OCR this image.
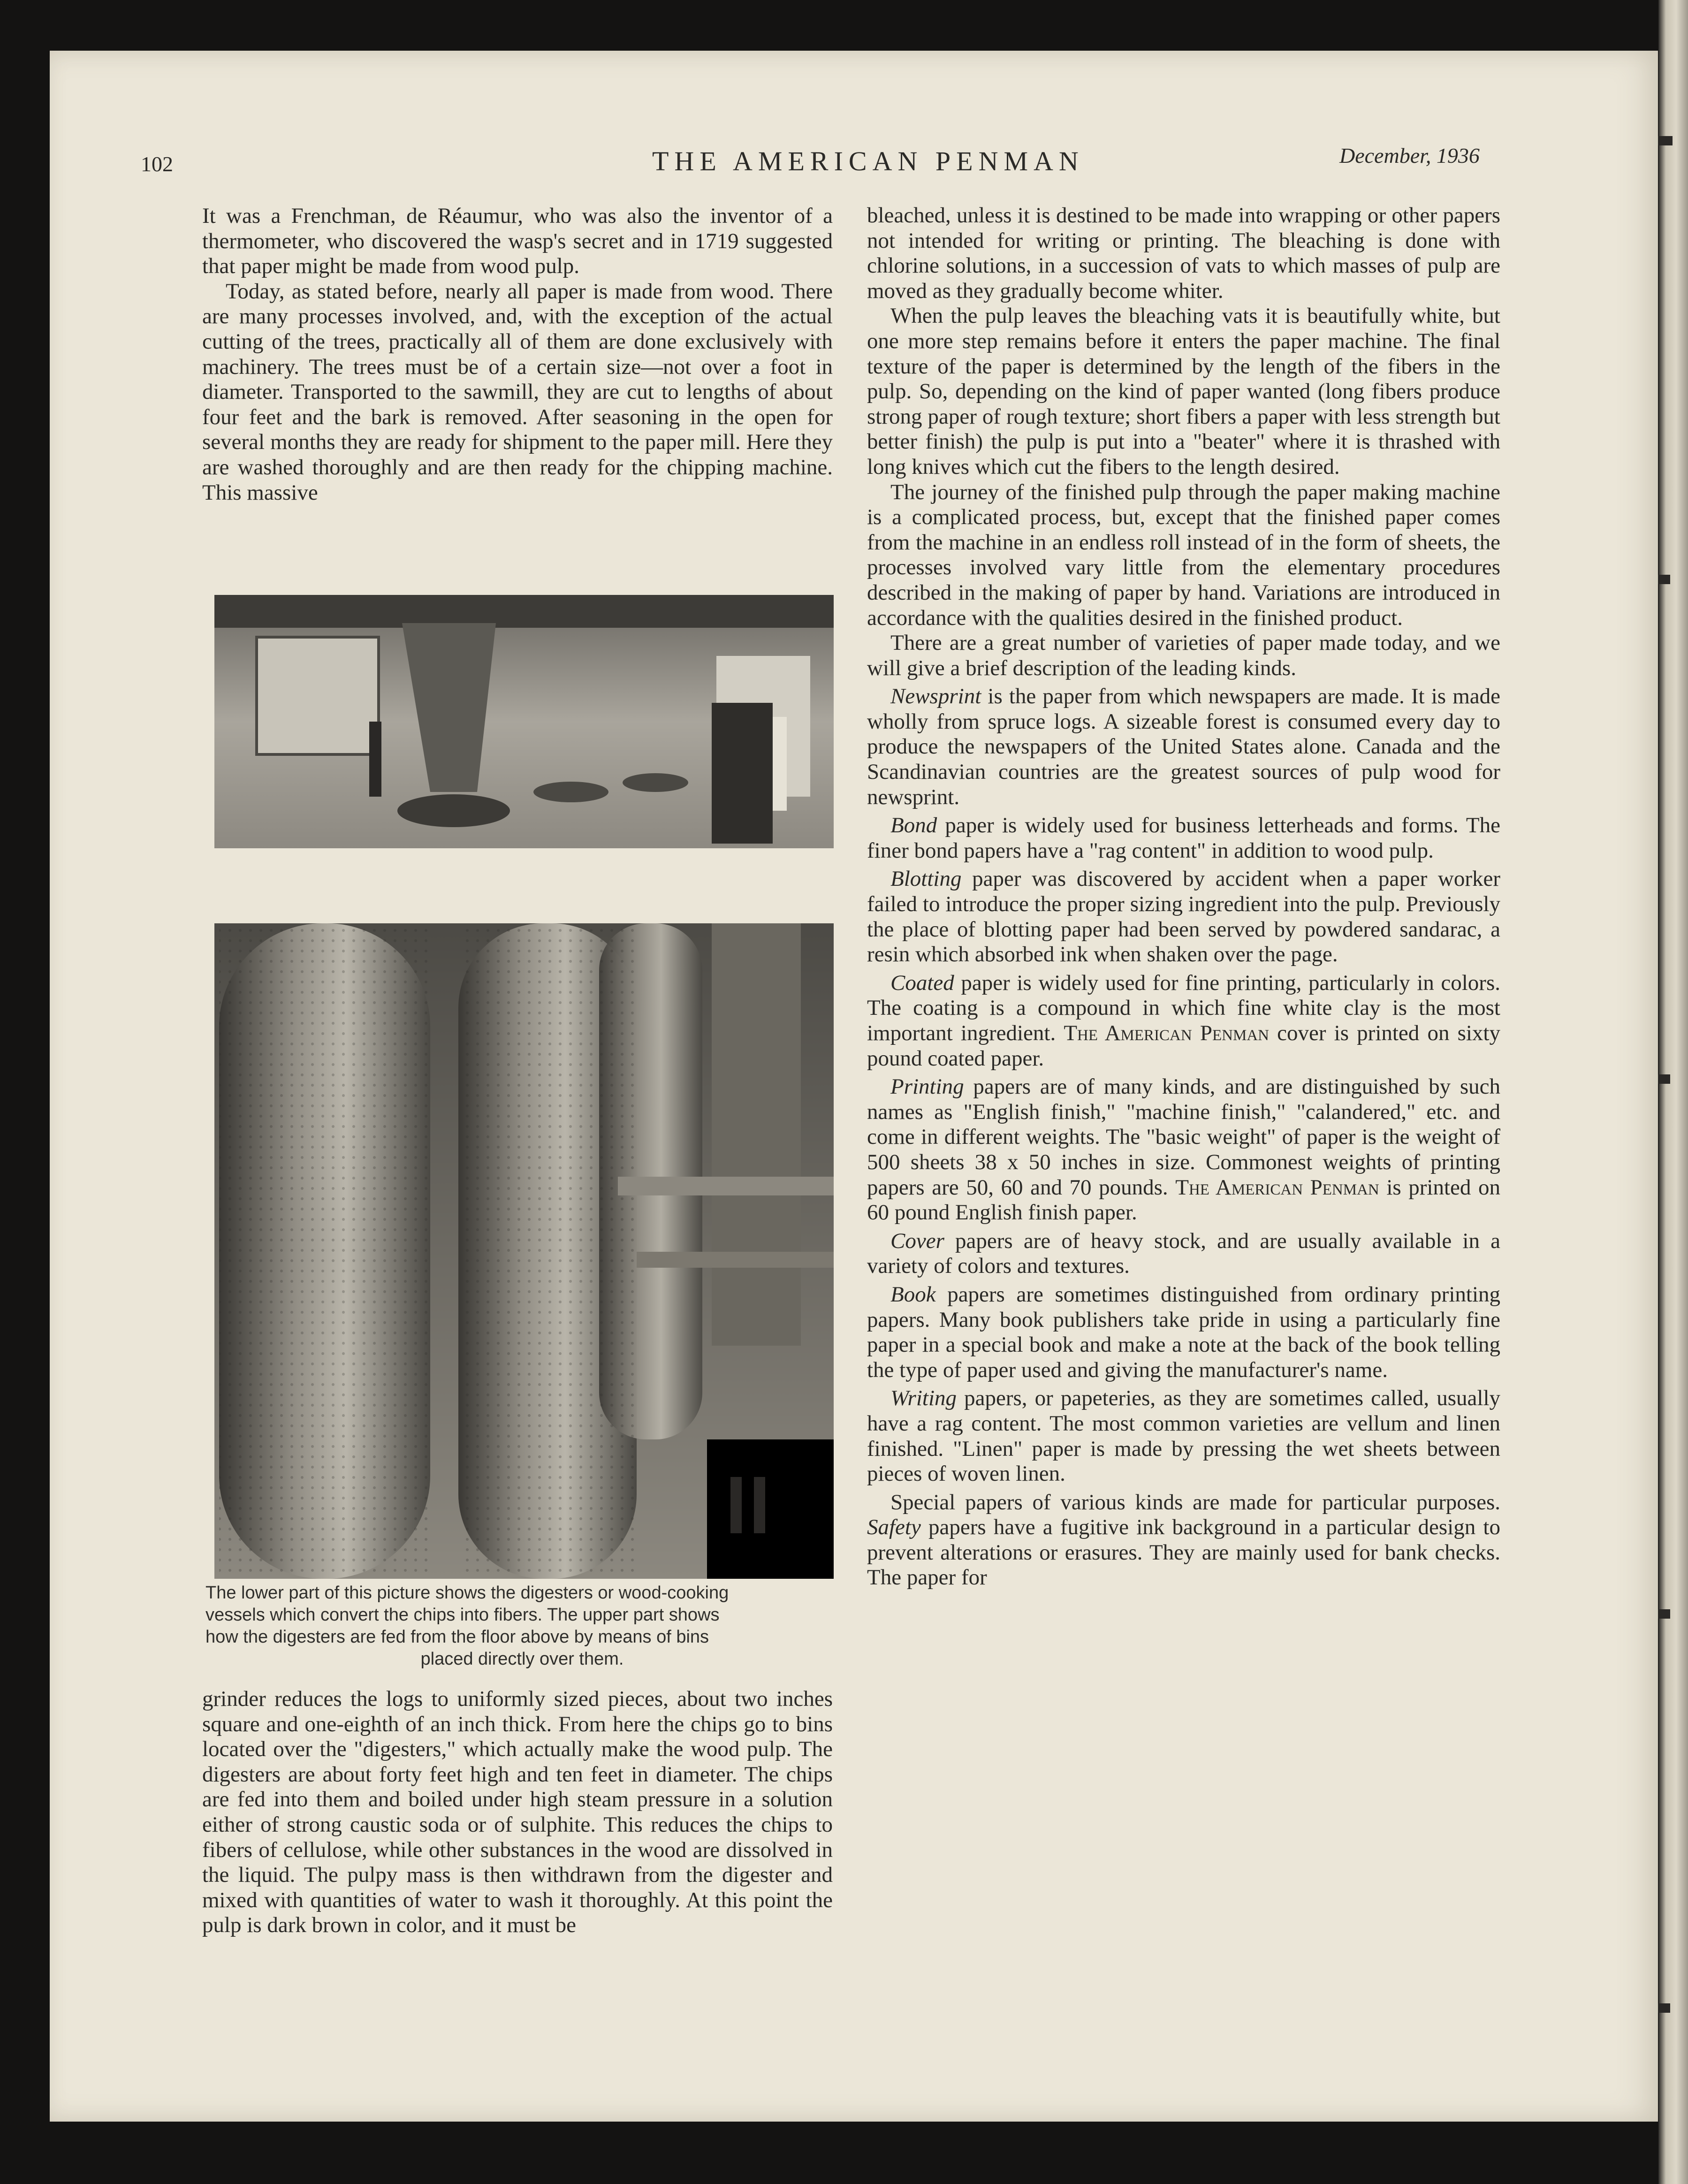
102	THE AMERICAN PENMAN	December, 1936

It was a Frenchman, de Réaumur, who was also the inventor of a thermometer, who discovered the wasp's secret and in 1719 suggested that paper might be made from wood pulp.

Today, as stated before, nearly all paper is made from wood. There are many processes involved, and, with the exception of the actual cutting of the trees, practically all of them are done exclusively with machinery. The trees must be of a certain size—not over a foot in diameter. Transported to the sawmill, they are cut to lengths of about four feet and the bark is removed. After seasoning in the open for several months they are ready for shipment to the paper mill. Here they are washed thoroughly and are then ready for the chipping machine. This massive

The lower part of this picture shows the digesters or wood-cooking
vessels which convert the chips into fibers. The upper part shows
how the digesters are fed from the floor above by means of bins
placed directly over them.

grinder reduces the logs to uniformly sized pieces, about two inches square and one-eighth of an inch thick. From here the chips go to bins located over the "digesters," which actually make the wood pulp. The digesters are about forty feet high and ten feet in diameter. The chips are fed into them and boiled under high steam pressure in a solution either of strong caustic soda or of sulphite. This reduces the chips to fibers of cellulose, while other substances in the wood are dissolved in the liquid. The pulpy mass is then withdrawn from the digester and mixed with quantities of water to wash it thoroughly. At this point the pulp is dark brown in color, and it must be

bleached, unless it is destined to be made into wrapping or other papers not intended for writing or printing. The bleaching is done with chlorine solutions, in a succession of vats to which masses of pulp are moved as they gradually become whiter.

When the pulp leaves the bleaching vats it is beautifully white, but one more step remains before it enters the paper machine. The final texture of the paper is determined by the length of the fibers in the pulp. So, depending on the kind of paper wanted (long fibers produce strong paper of rough texture; short fibers a paper with less strength but better finish) the pulp is put into a "beater" where it is thrashed with long knives which cut the fibers to the length desired.

The journey of the finished pulp through the paper making machine is a complicated process, but, except that the finished paper comes from the machine in an endless roll instead of in the form of sheets, the processes involved vary little from the elementary procedures described in the making of paper by hand. Variations are introduced in accordance with the qualities desired in the finished product.

There are a great number of varieties of paper made today, and we will give a brief description of the leading kinds.

Newsprint is the paper from which newspapers are made. It is made wholly from spruce logs. A sizeable forest is consumed every day to produce the newspapers of the United States alone. Canada and the Scandinavian countries are the greatest sources of pulp wood for newsprint.

Bond paper is widely used for business letterheads and forms. The finer bond papers have a "rag content" in addition to wood pulp.

Blotting paper was discovered by accident when a paper worker failed to introduce the proper sizing ingredient into the pulp. Previously the place of blotting paper had been served by powdered sandarac, a resin which absorbed ink when shaken over the page.

Coated paper is widely used for fine printing, particularly in colors. The coating is a compound in which fine white clay is the most important ingredient. The American Penman cover is printed on sixty pound coated paper.

Printing papers are of many kinds, and are distinguished by such names as "English finish," "machine finish," "calandered," etc. and come in different weights. The "basic weight" of paper is the weight of 500 sheets 38 x 50 inches in size. Commonest weights of printing papers are 50, 60 and 70 pounds. The American Penman is printed on 60 pound English finish paper.

Cover papers are of heavy stock, and are usually available in a variety of colors and textures.

Book papers are sometimes distinguished from ordinary printing papers. Many book publishers take pride in using a particularly fine paper in a special book and make a note at the back of the book telling the type of paper used and giving the manufacturer's name.

Writing papers, or papeteries, as they are sometimes called, usually have a rag content. The most common varieties are vellum and linen finished. "Linen" paper is made by pressing the wet sheets between pieces of woven linen.

Special papers of various kinds are made for particular purposes. Safety papers have a fugitive ink background in a particular design to prevent alterations or erasures. They are mainly used for bank checks. The paper for
